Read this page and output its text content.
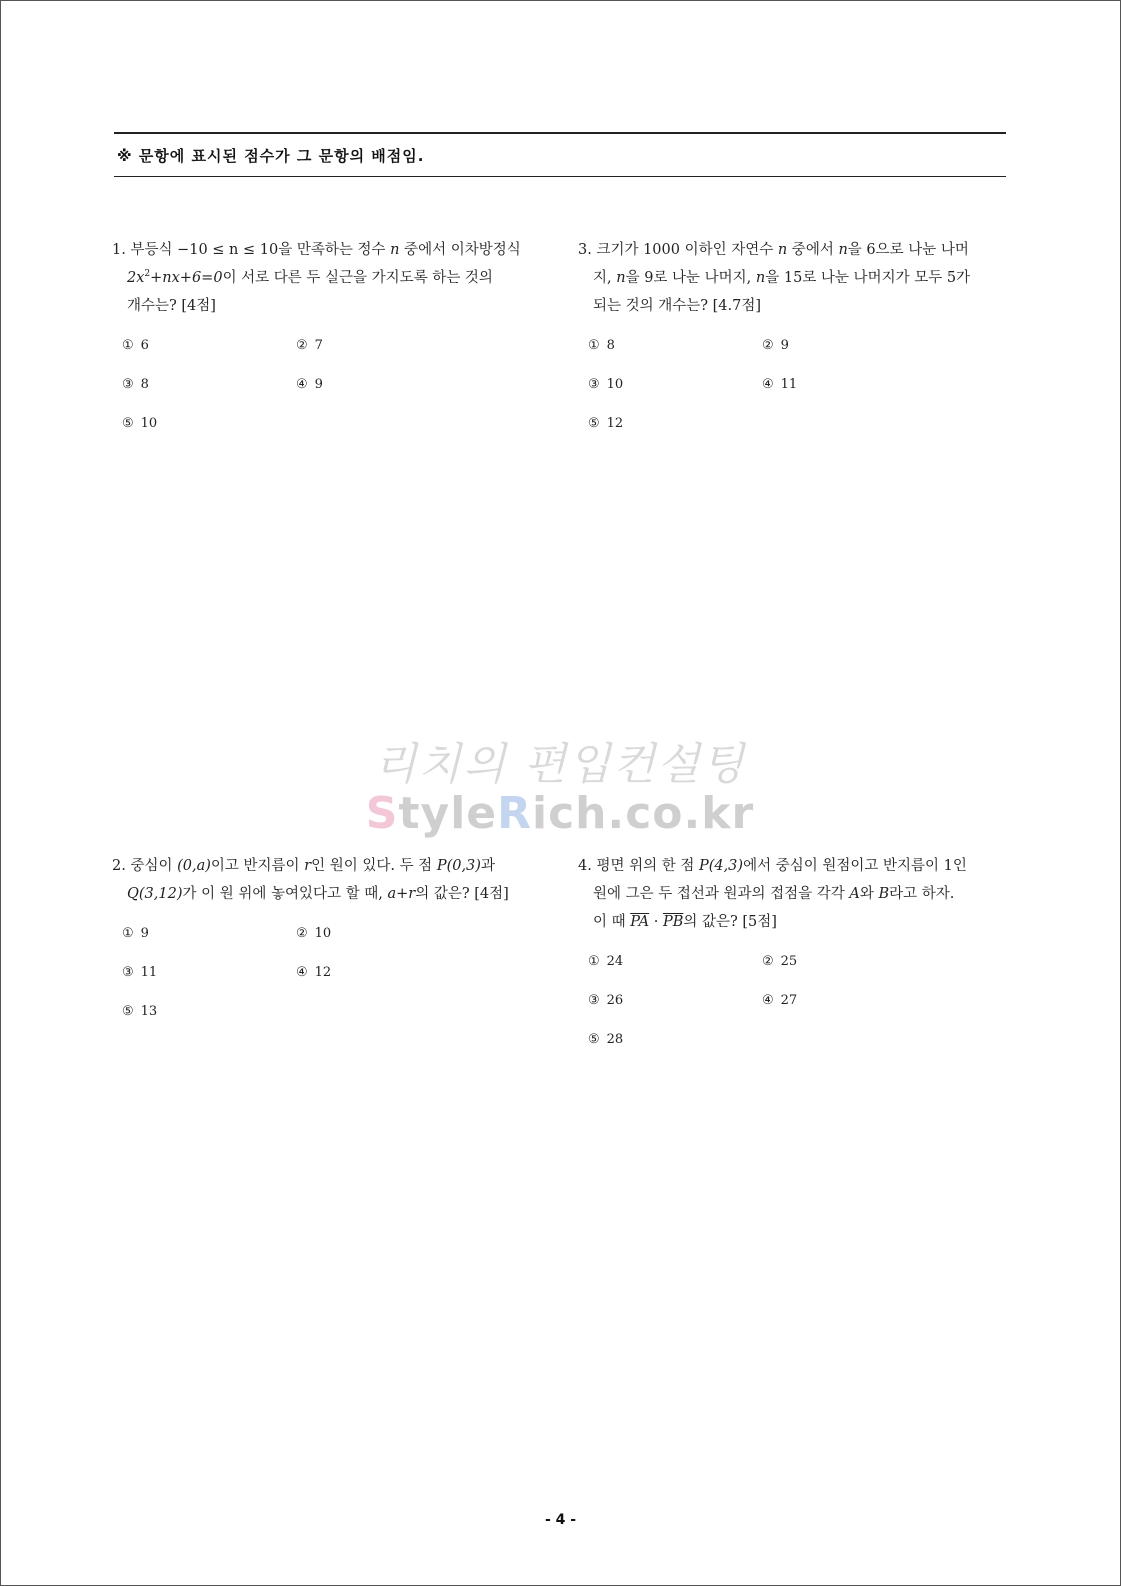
※ 문항에 표시된 점수가 그 문항의 배점임.
1. 부등식 −10 ≤ n ≤ 10을 만족하는 정수 n 중에서 이차방정식
$2x^2+nx+6=0$이 서로 다른 두 실근을 가지도록 하는 것의
개수는? [4점]
① 6	② 7
③ 8	④ 9
⑤ 10
3. 크기가 1000 이하인 자연수 n 중에서 n을 6으로 나눈 나머
지, n을 9로 나눈 나머지, n을 15로 나눈 나머지가 모두 5가
되는 것의 개수는? [4.7점]
① 8	② 9
③ 10	④ 11
⑤ 12
리치의 편입컨설팅
StyleRich.co.kr
2. 중심이 (0,a)이고 반지름이 r인 원이 있다. 두 점 P(0,3)과
Q(3,12)가 이 원 위에 놓여있다고 할 때, a+r의 값은? [4점]
① 9	② 10
③ 11	④ 12
⑤ 13
4. 평면 위의 한 점 P(4,3)에서 중심이 원점이고 반지름이 1인
원에 그은 두 접선과 원과의 접점을 각각 A와 B라고 하자.
이 때 $\overline{PA} \cdot \overline{PB}$의 값은? [5점]
① 24	② 25
③ 26	④ 27
⑤ 28
- 4 -
